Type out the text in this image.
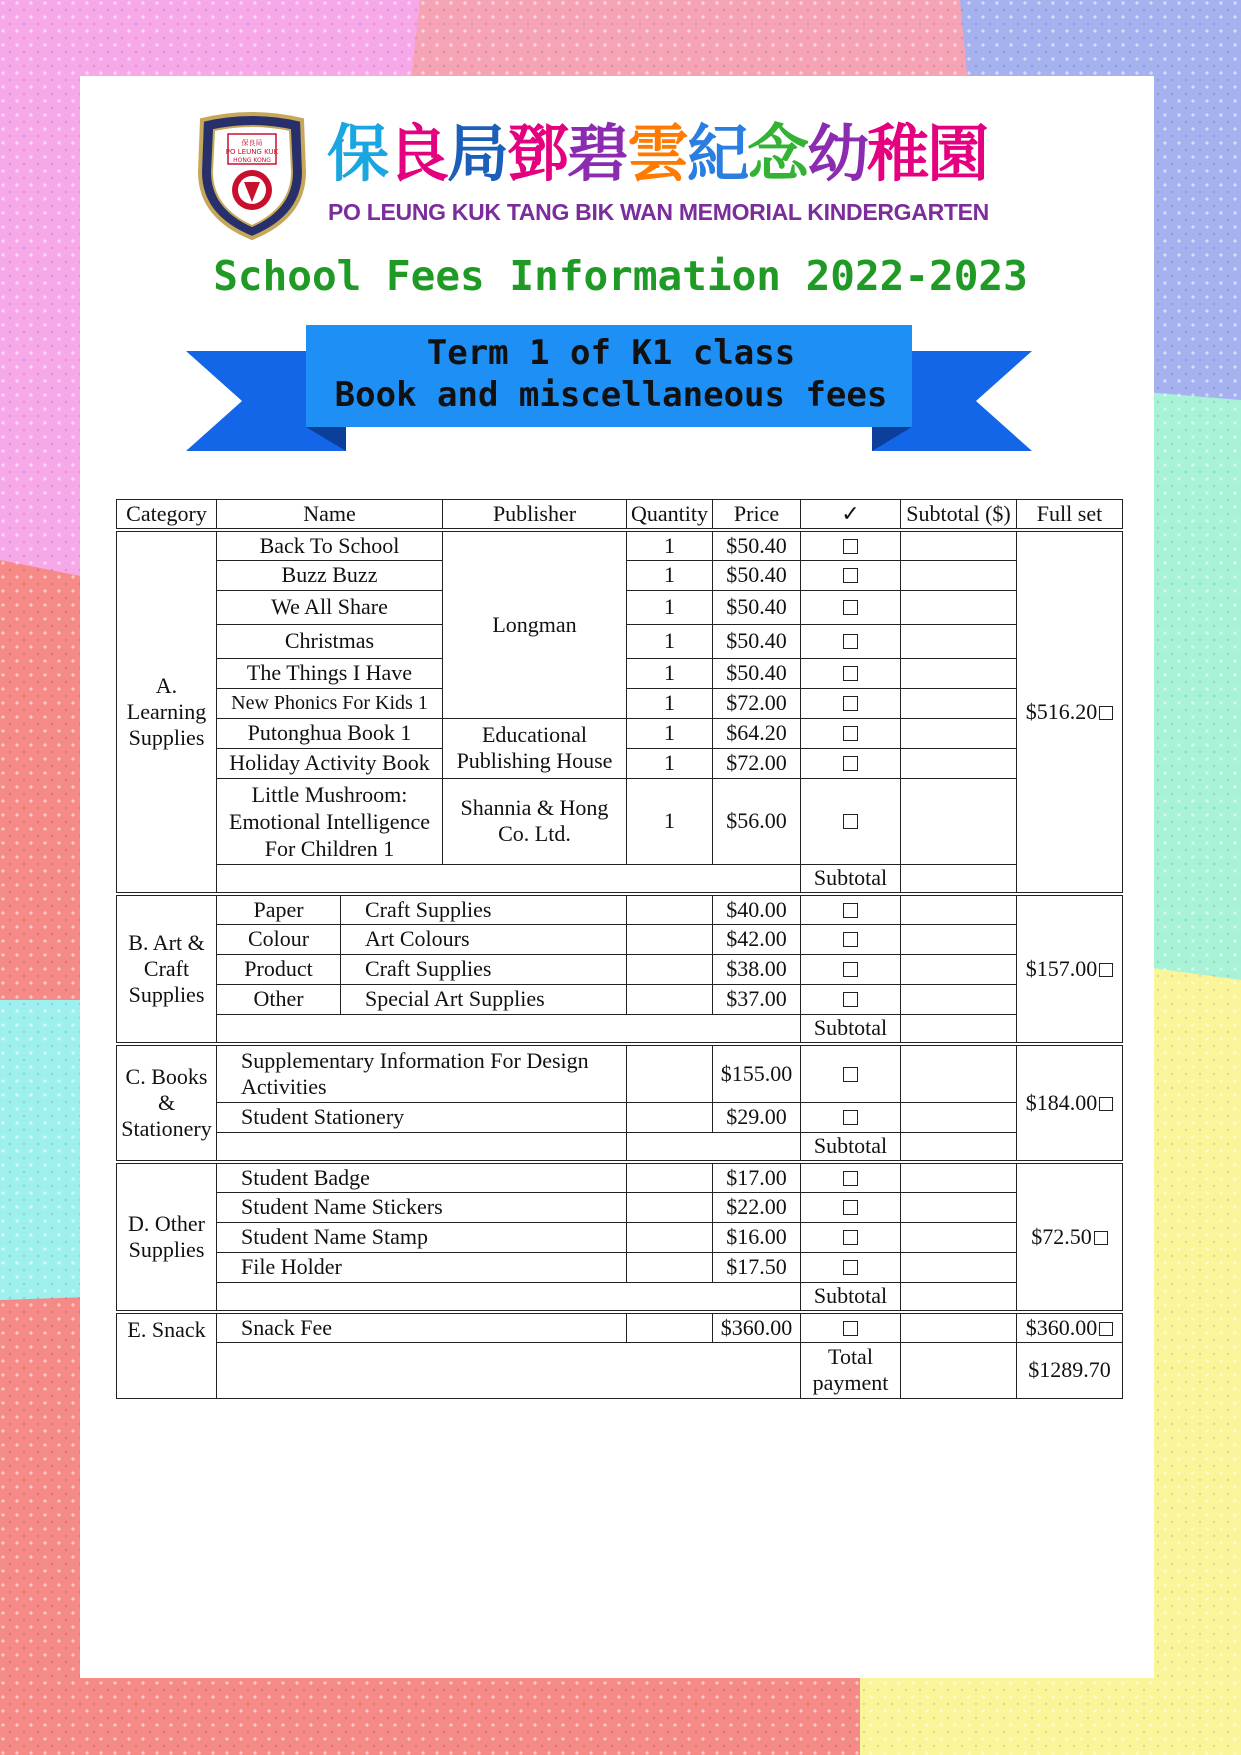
保良局
PO LEUNG KUK
HONG KONG 保良局鄧碧雲紀念幼稚園
PO LEUNG KUK TANG BIK WAN MEMORIAL KINDERGARTEN
School Fees Information 2022-2023
Term 1 of K1 class
Book and miscellaneous fees
Category	Name		Publisher	Quantity	Price	✓	Subtotal ($)	Full set
A. Learning Supplies	Back To School		Longman	1	$50.40			$516.20
	Buzz Buzz			1	$50.40			
	We All Share			1	$50.40			
	Christmas			1	$50.40			
	The Things I Have			1	$50.40			
	New Phonics For Kids 1			1	$72.00			
	Putonghua Book 1		Educational Publishing House	1	$64.20			
	Holiday Activity Book			1	$72.00			
	Little Mushroom: Emotional Intelligence For Children 1		Shannia & Hong Co. Ltd.	1	$56.00			
						Subtotal		
B. Art & Craft Supplies	Paper	Craft Supplies			$40.00			$157.00
	Colour	Art Colours			$42.00			
	Product	Craft Supplies			$38.00			
	Other	Special Art Supplies			$37.00			
						Subtotal		
C. Books & Stationery	Supplementary Information For Design Activities				$155.00			$184.00
	Student Stationery				$29.00			
						Subtotal		
D. Other Supplies	Student Badge				$17.00			$72.50
	Student Name Stickers				$22.00			
	Student Name Stamp				$16.00			
	File Holder				$17.50			
						Subtotal		
E. Snack	Snack Fee				$360.00			$360.00
						Total payment		$1289.70
